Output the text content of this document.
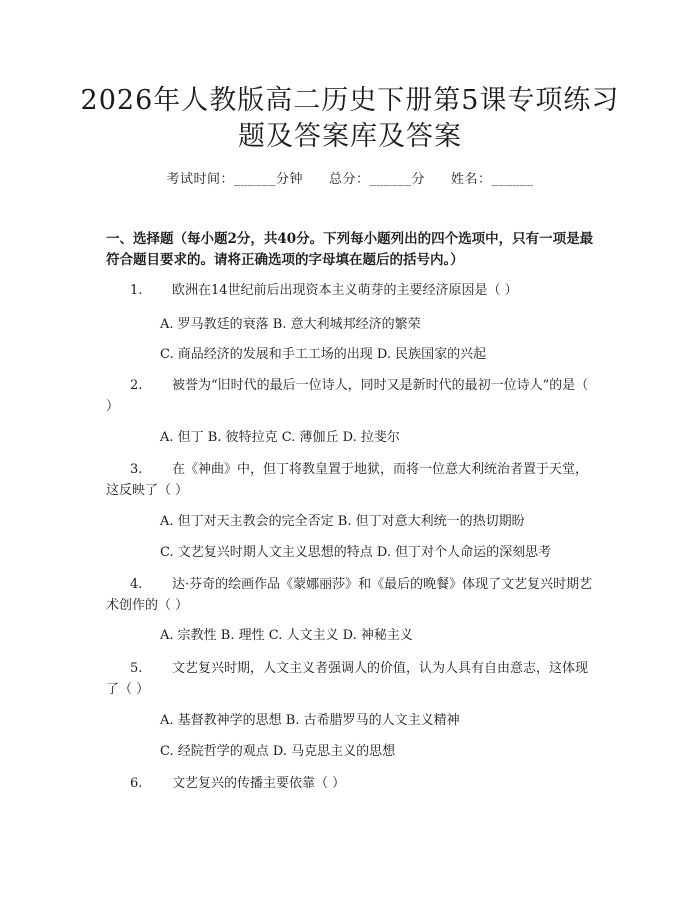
2026年人教版高二历史下册第5课专项练习
题及答案库及答案
考试时间：______分钟 总分：______分 姓名：______

一、选择题（每小题2分，共40分。下列每小题列出的四个选项中，只有一项是最符合题目要求的。请将正确选项的字母填在题后的括号内。）

1. 欧洲在14世纪前后出现资本主义萌芽的主要经济原因是（ ）

A. 罗马教廷的衰落 B. 意大利城邦经济的繁荣

C. 商品经济的发展和手工工场的出现 D. 民族国家的兴起

2. 被誉为“旧时代的最后一位诗人，同时又是新时代的最初一位诗人”的是（ ）

A. 但丁 B. 彼特拉克 C. 薄伽丘 D. 拉斐尔

3. 在《神曲》中，但丁将教皇置于地狱，而将一位意大利统治者置于天堂，这反映了（ ）

A. 但丁对天主教会的完全否定 B. 但丁对意大利统一的热切期盼

C. 文艺复兴时期人文主义思想的特点 D. 但丁对个人命运的深刻思考

4. 达·芬奇的绘画作品《蒙娜丽莎》和《最后的晚餐》体现了文艺复兴时期艺术创作的（ ）

A. 宗教性 B. 理性 C. 人文主义 D. 神秘主义

5. 文艺复兴时期，人文主义者强调人的价值，认为人具有自由意志，这体现了（ ）

A. 基督教神学的思想 B. 古希腊罗马的人文主义精神

C. 经院哲学的观点 D. 马克思主义的思想

6. 文艺复兴的传播主要依靠（ ）
